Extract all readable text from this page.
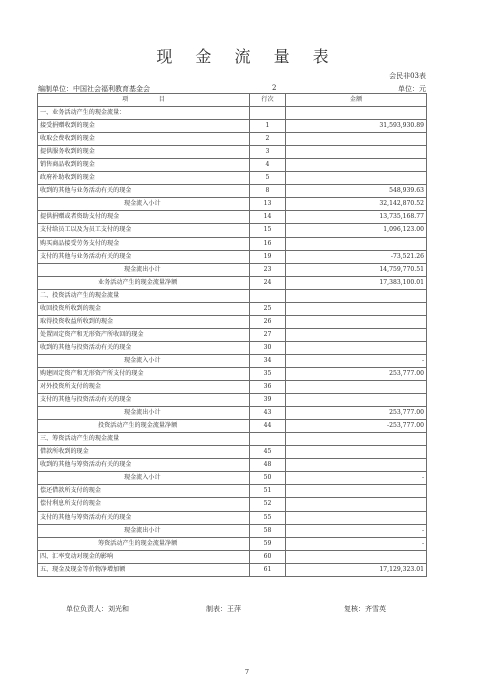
现 金 流 量 表
会民非03表
编制单位：中国社会福利教育基金会	2	单位：元
项　　　　　目	行次	金额
一、业务活动产生的现金流量：		
接受捐赠收到的现金	1	31,593,930.89
收取会费收到的现金	2	
提供服务收到的现金	3	
销售商品收到的现金	4	
政府补助收到的现金	5	
收到的其他与业务活动有关的现金	8	548,939.63
现金流入小计	13	32,142,870.52
提供捐赠或者资助支付的现金	14	13,735,168.77
支付给员工以及为员工支付的现金	15	1,096,123.00
购买商品接受劳务支付的现金	16	
支付的其他与业务活动有关的现金	19	-73,521.26
现金流出小计	23	14,759,770.51
业务活动产生的现金流量净额	24	17,383,100.01
二、投资活动产生的现金流量		
收回投资所收到的现金	25	
取得投资收益所收到的现金	26	
处置固定资产和无形资产所收回的现金	27	
收到的其他与投资活动有关的现金	30	
现金流入小计	34	-
购建固定资产和无形资产所支付的现金	35	253,777.00
对外投资所支付的现金	36	
支付的其他与投资活动有关的现金	39	
现金流出小计	43	253,777.00
投资活动产生的现金流量净额	44	-253,777.00
三、筹资活动产生的现金流量		
借款所收到的现金	45	
收到的其他与筹资活动有关的现金	48	
现金流入小计	50	-
偿还借款所支付的现金	51	
偿付利息所支付的现金	52	
支付的其他与筹资活动有关的现金	55	
现金流出小计	58	-
筹资活动产生的现金流量净额	59	-
四、汇率变动对现金的影响	60	
五、现金及现金等价物净增加额	61	17,129,323.01
单位负责人：刘光和	制表：王萍	复核：齐雪英
7
